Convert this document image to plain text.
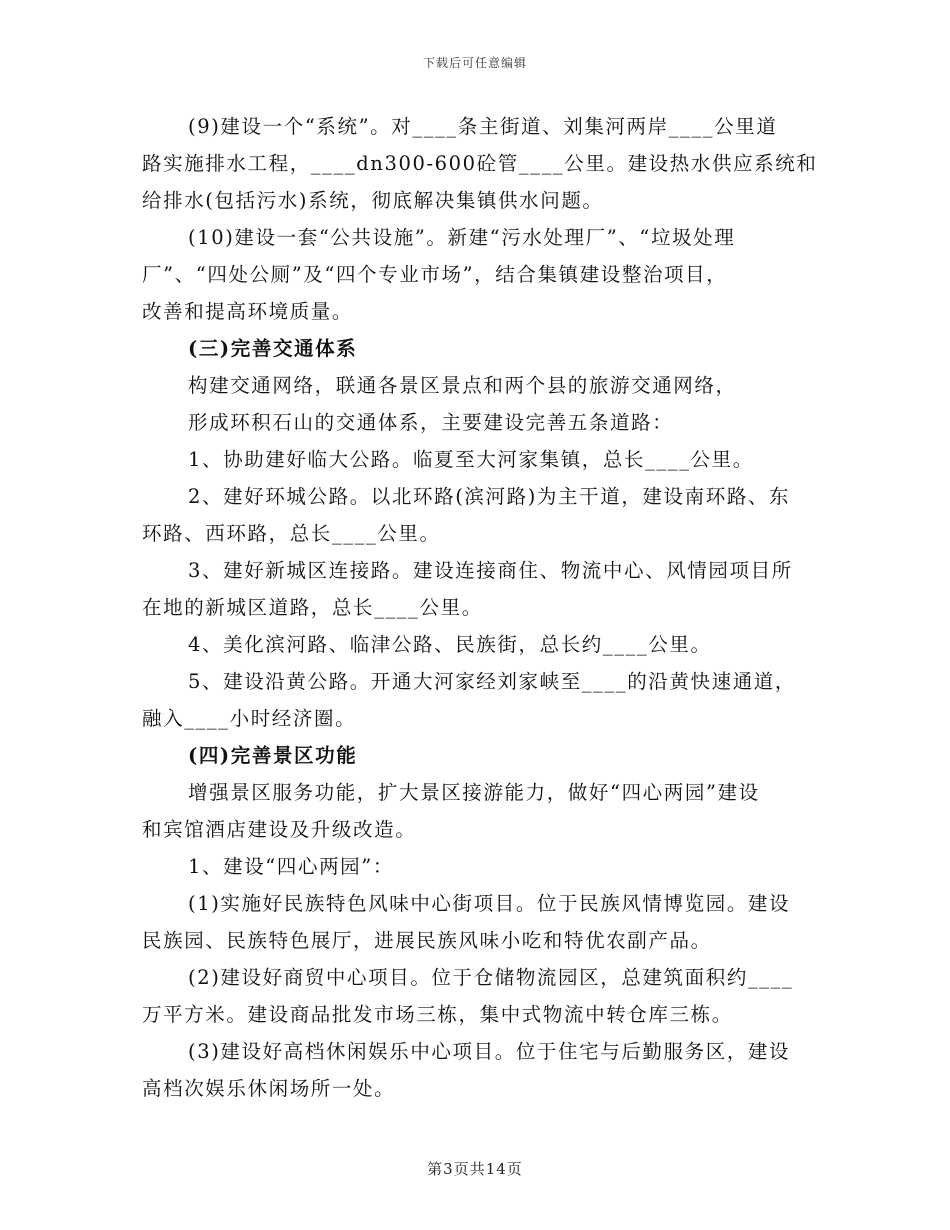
下载后可任意编辑
(9)建设一个“系统”。对____条主街道、刘集河两岸____公里道
路实施排水工程，____dn300-600砼管____公里。建设热水供应系统和
给排水(包括污水)系统，彻底解决集镇供水问题。
(10)建设一套“公共设施”。新建“污水处理厂”、“垃圾处理
厂”、“四处公厕”及“四个专业市场”，结合集镇建设整治项目，
改善和提高环境质量。
(三)完善交通体系
构建交通网络，联通各景区景点和两个县的旅游交通网络，
形成环积石山的交通体系，主要建设完善五条道路：
1、协助建好临大公路。临夏至大河家集镇，总长____公里。
2、建好环城公路。以北环路(滨河路)为主干道，建设南环路、东
环路、西环路，总长____公里。
3、建好新城区连接路。建设连接商住、物流中心、风情园项目所
在地的新城区道路，总长____公里。
4、美化滨河路、临津公路、民族街，总长约____公里。
5、建设沿黄公路。开通大河家经刘家峡至____的沿黄快速通道，
融入____小时经济圈。
(四)完善景区功能
增强景区服务功能，扩大景区接游能力，做好“四心两园”建设
和宾馆酒店建设及升级改造。
1、建设“四心两园”：
(1)实施好民族特色风味中心街项目。位于民族风情博览园。建设
民族园、民族特色展厅，进展民族风味小吃和特优农副产品。
(2)建设好商贸中心项目。位于仓储物流园区，总建筑面积约____
万平方米。建设商品批发市场三栋，集中式物流中转仓库三栋。
(3)建设好高档休闲娱乐中心项目。位于住宅与后勤服务区，建设
高档次娱乐休闲场所一处。
第3页共14页
